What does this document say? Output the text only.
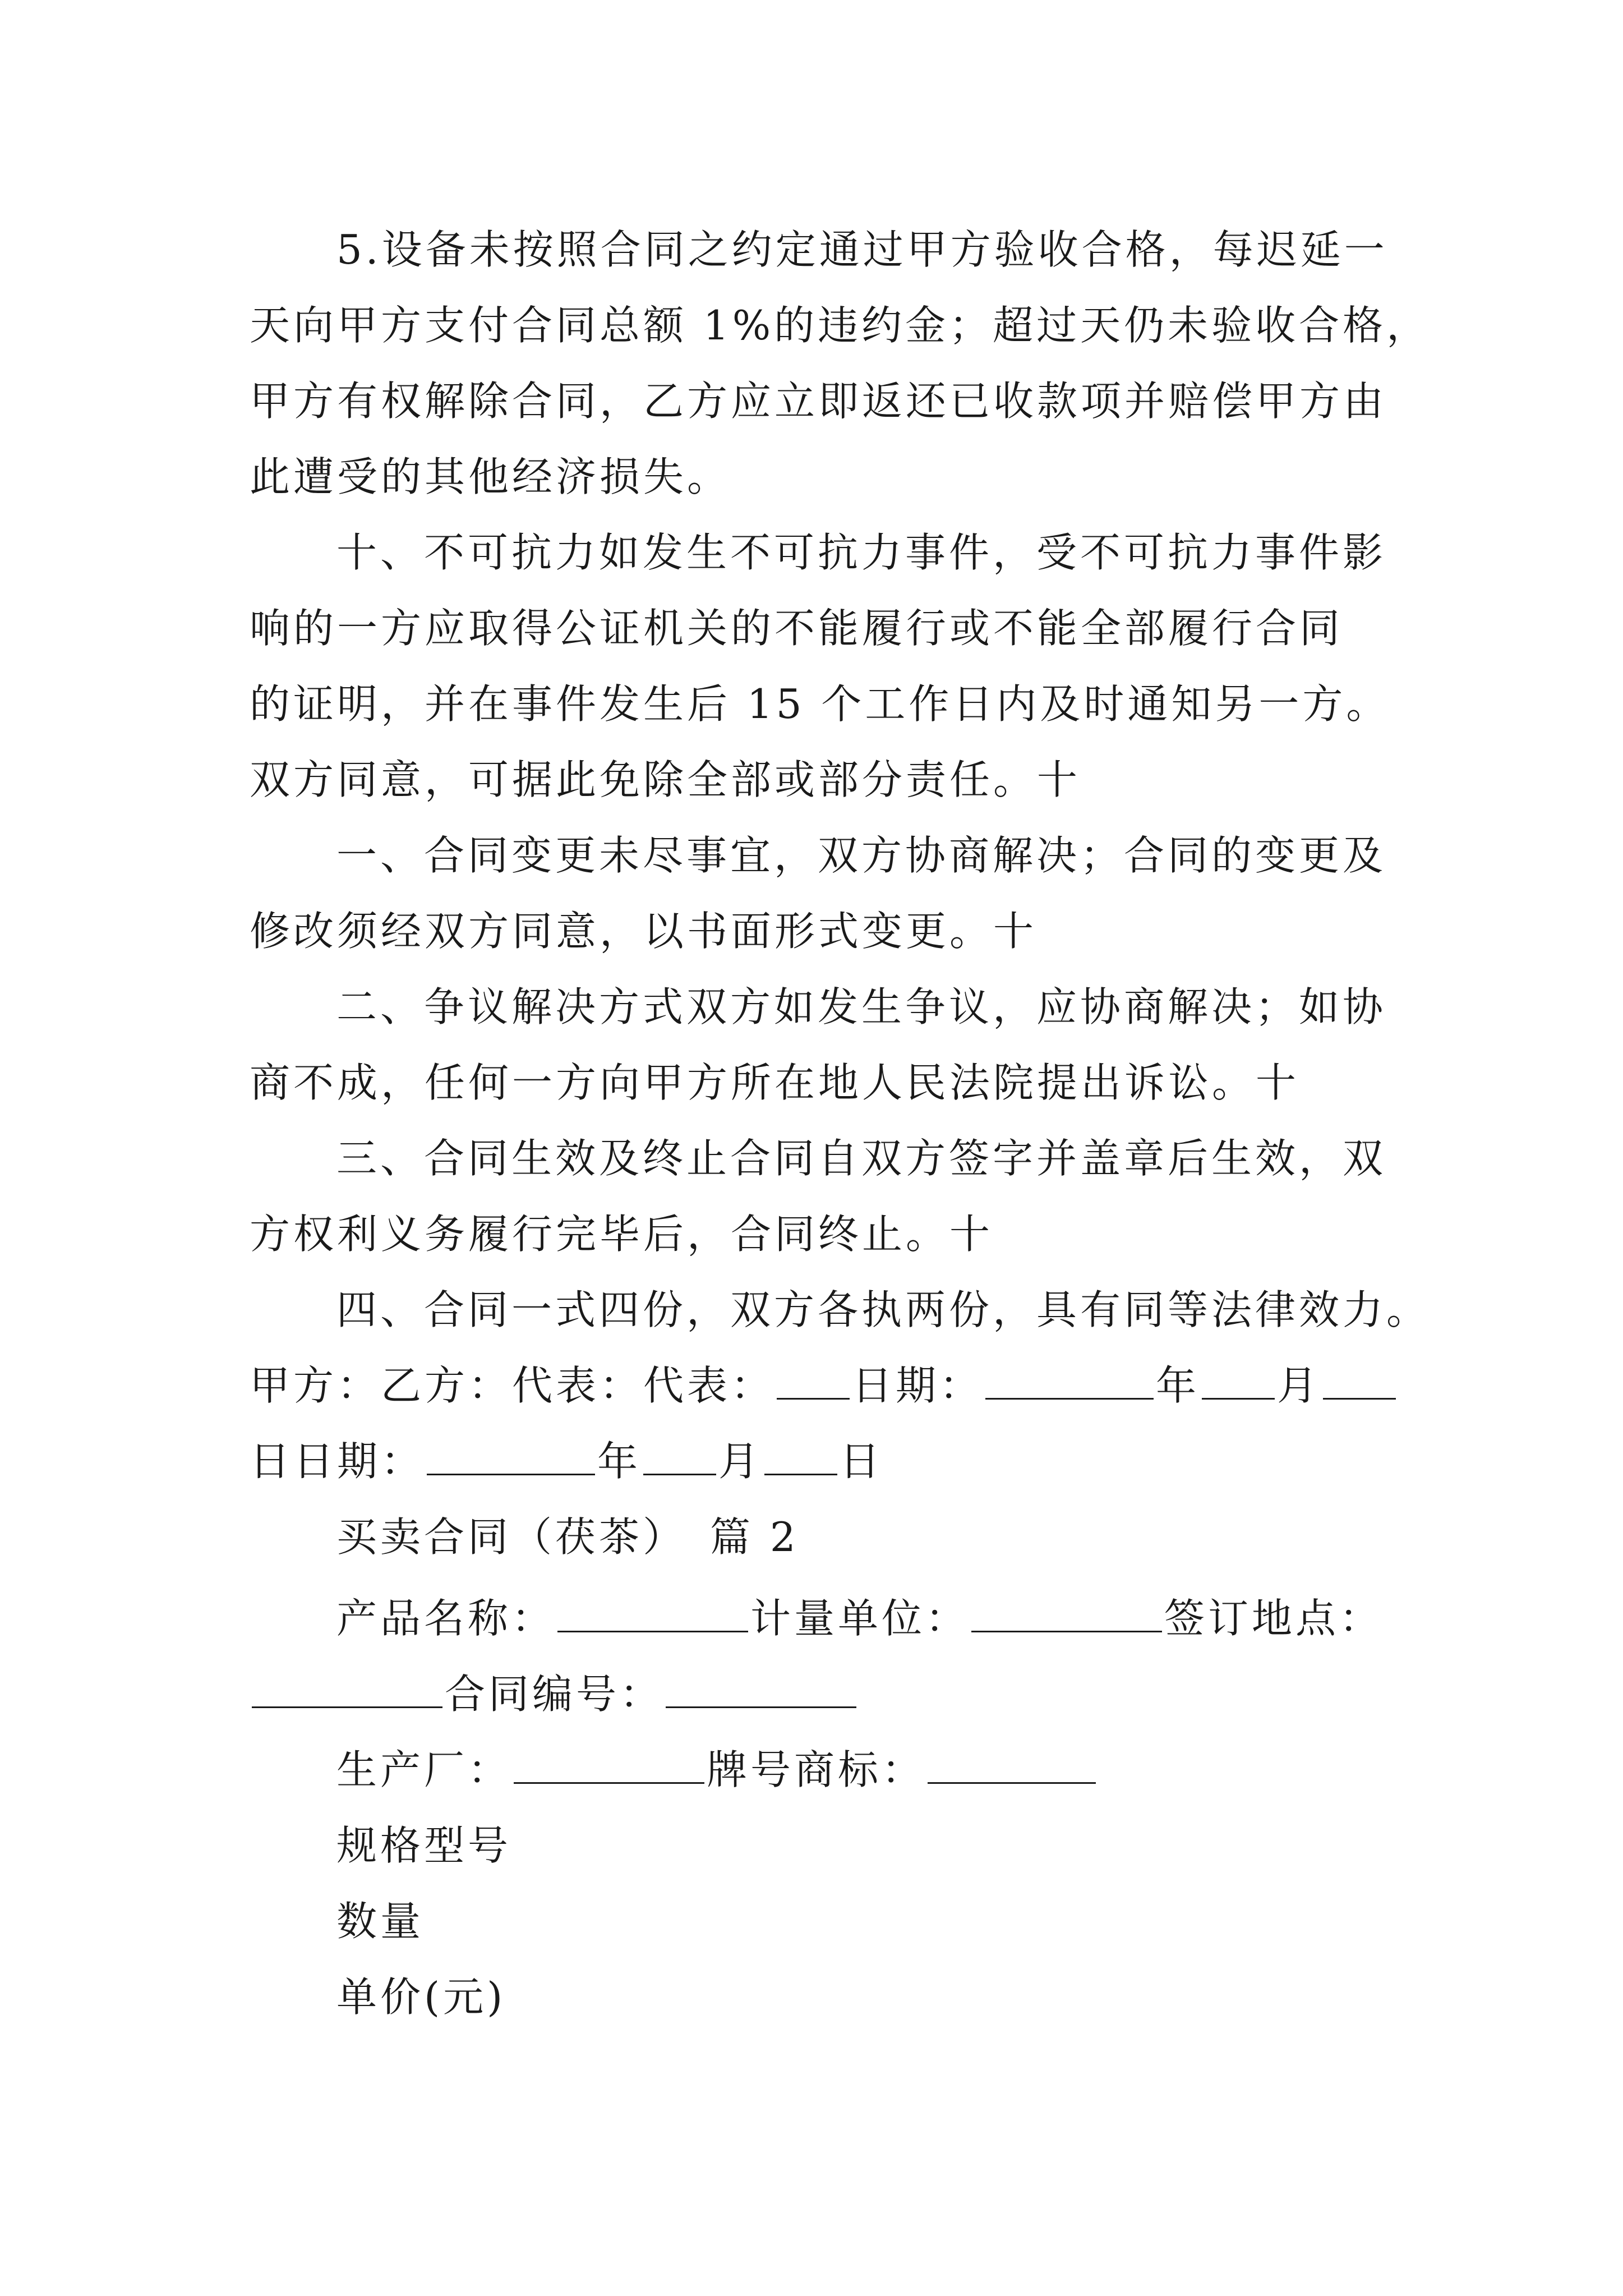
5.设备未按照合同之约定通过甲方验收合格，每迟延一
天向甲方支付合同总额 1%的违约金；超过天仍未验收合格，
甲方有权解除合同，乙方应立即返还已收款项并赔偿甲方由
此遭受的其他经济损失。
十、不可抗力如发生不可抗力事件，受不可抗力事件影
响的一方应取得公证机关的不能履行或不能全部履行合同
的证明，并在事件发生后 15 个工作日内及时通知另一方。
双方同意，可据此免除全部或部分责任。十
一、合同变更未尽事宜，双方协商解决；合同的变更及
修改须经双方同意，以书面形式变更。十
二、争议解决方式双方如发生争议，应协商解决；如协
商不成，任何一方向甲方所在地人民法院提出诉讼。十
三、合同生效及终止合同自双方签字并盖章后生效，双
方权利义务履行完毕后，合同终止。十
四、合同一式四份，双方各执两份，具有同等法律效力。
甲方：乙方：代表：代表： 日期：	年 月
日日期：	年 月 日
买卖合同（茯茶）　篇 2
产品名称：	计量单位：	签订地点：
合同编号：
生产厂：	牌号商标：
规格型号
数量
单价(元)
